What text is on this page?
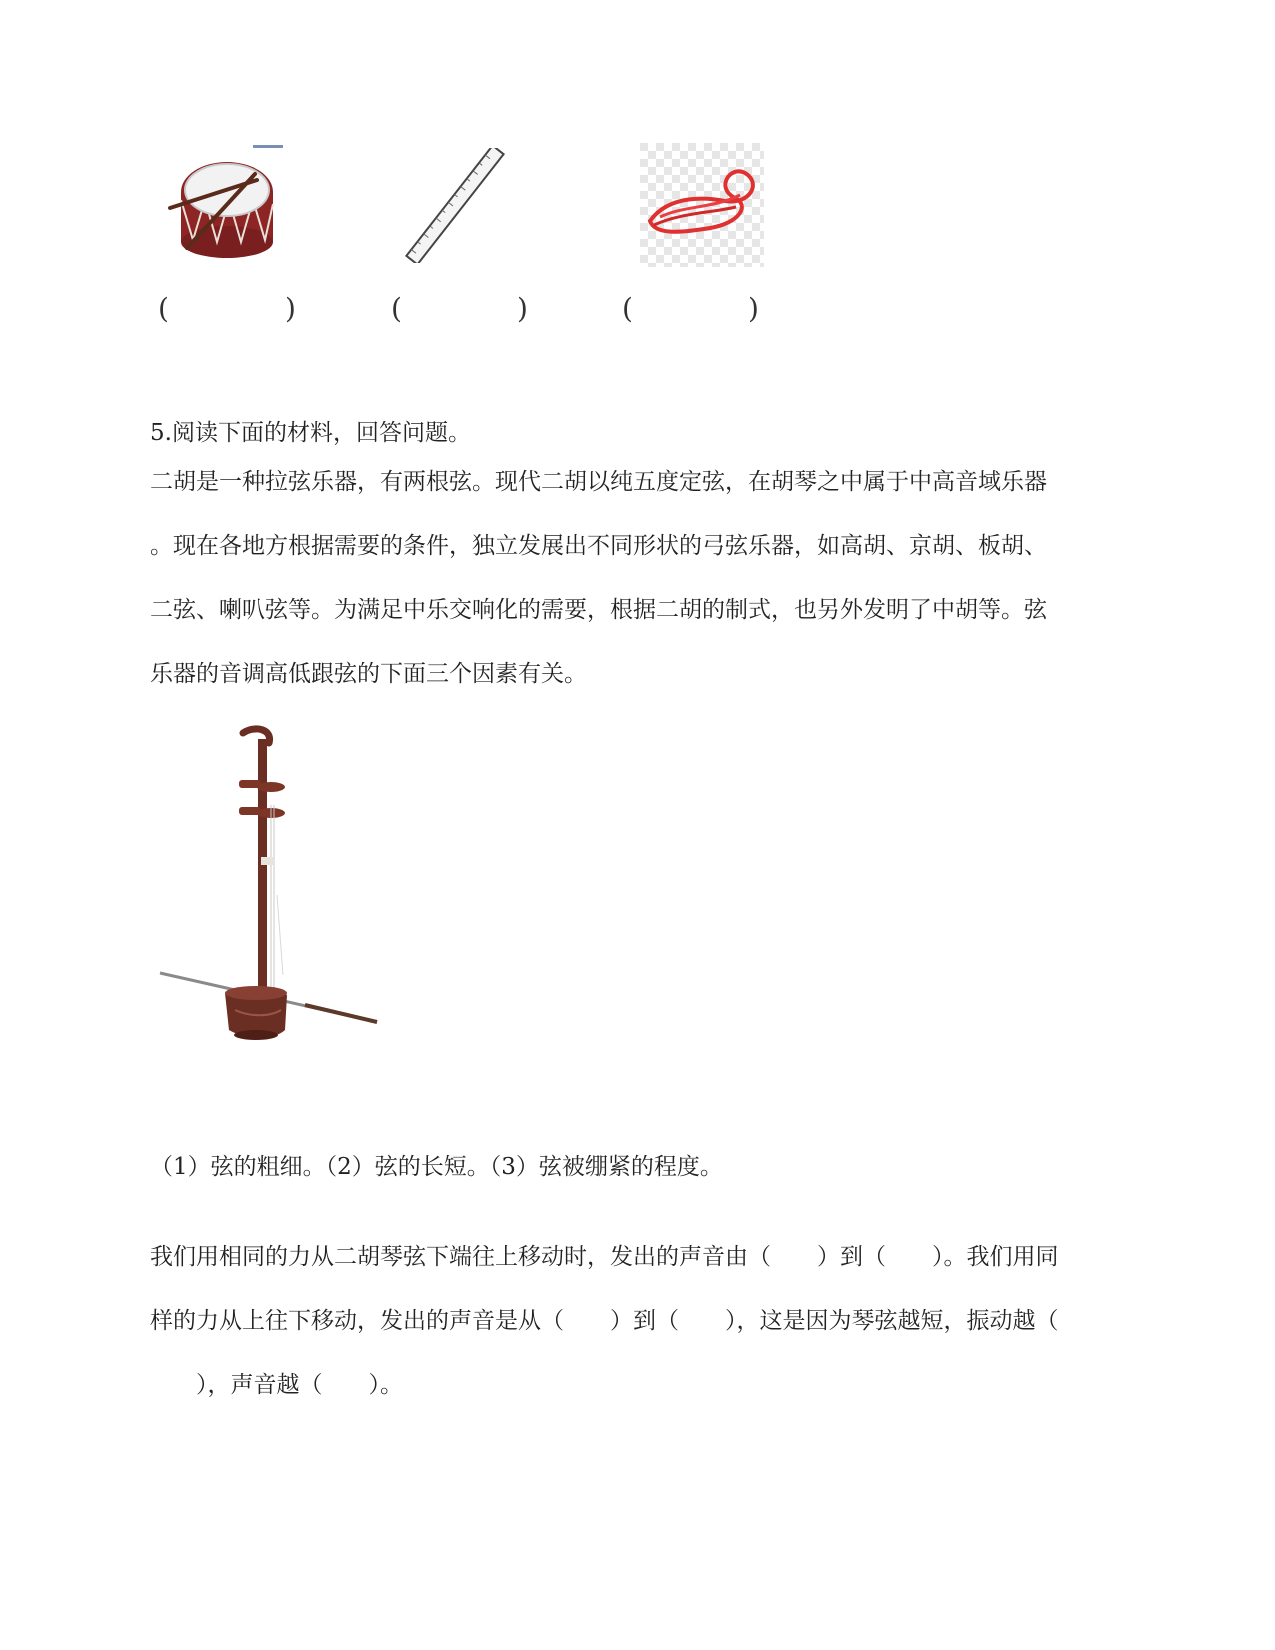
(	)	(	)	(	)
5.阅读下面的材料，回答问题。

二胡是一种拉弦乐器，有两根弦。现代二胡以纯五度定弦，在胡琴之中属于中高音域乐器

。现在各地方根据需要的条件，独立发展出不同形状的弓弦乐器，如高胡、京胡、板胡、

二弦、喇叭弦等。为满足中乐交响化的需要，根据二胡的制式，也另外发明了中胡等。弦

乐器的音调高低跟弦的下面三个因素有关。

（1）弦的粗细。（2）弦的长短。（3）弦被绷紧的程度。

我们用相同的力从二胡琴弦下端往上移动时，发出的声音由（　　）到（　　）。我们用同

样的力从上往下移动，发出的声音是从（　　）到（　　），这是因为琴弦越短，振动越（

　　），声音越（　　）。
